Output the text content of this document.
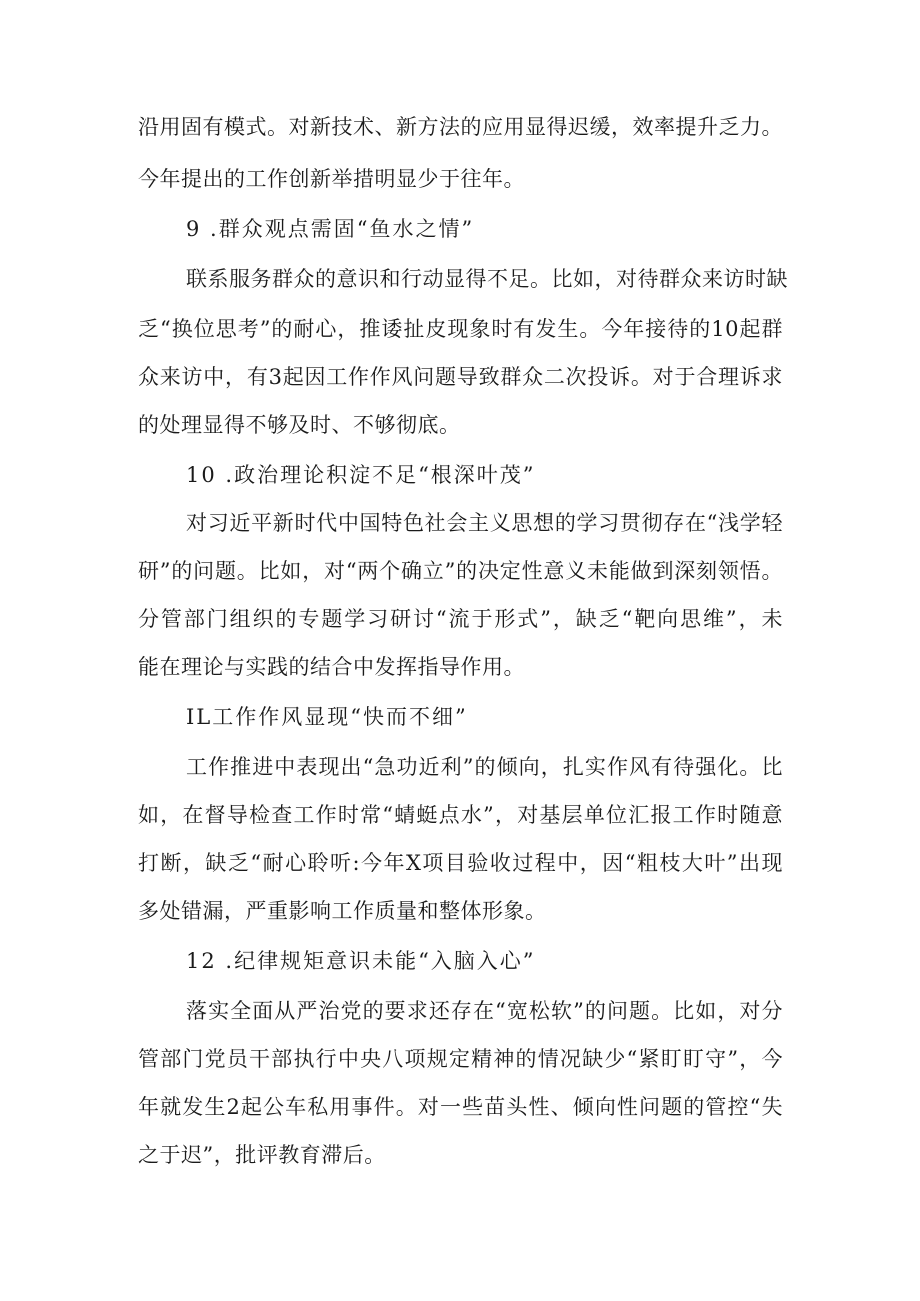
沿用固有模式。对新技术、新方法的应用显得迟缓，效率提升乏力。
今年提出的工作创新举措明显少于往年。
9 .群众观点需固“鱼水之情”
联系服务群众的意识和行动显得不足。比如，对待群众来访时缺
乏“换位思考”的耐心，推诿扯皮现象时有发生。今年接待的10起群
众来访中，有3起因工作作风问题导致群众二次投诉。对于合理诉求
的处理显得不够及时、不够彻底。
10 .政治理论积淀不足“根深叶茂”
对习近平新时代中国特色社会主义思想的学习贯彻存在“浅学轻
研”的问题。比如，对“两个确立”的决定性意义未能做到深刻领悟。
分管部门组织的专题学习研讨“流于形式”，缺乏“靶向思维”，未
能在理论与实践的结合中发挥指导作用。
IL工作作风显现“快而不细”
工作推进中表现出“急功近利”的倾向，扎实作风有待强化。比
如，在督导检查工作时常“蜻蜓点水”，对基层单位汇报工作时随意
打断，缺乏“耐心聆听:今年X项目验收过程中，因“粗枝大叶”出现
多处错漏，严重影响工作质量和整体形象。
12 .纪律规矩意识未能“入脑入心”
落实全面从严治党的要求还存在“宽松软”的问题。比如，对分
管部门党员干部执行中央八项规定精神的情况缺少“紧盯盯守”，今
年就发生2起公车私用事件。对一些苗头性、倾向性问题的管控“失
之于迟”，批评教育滞后。
